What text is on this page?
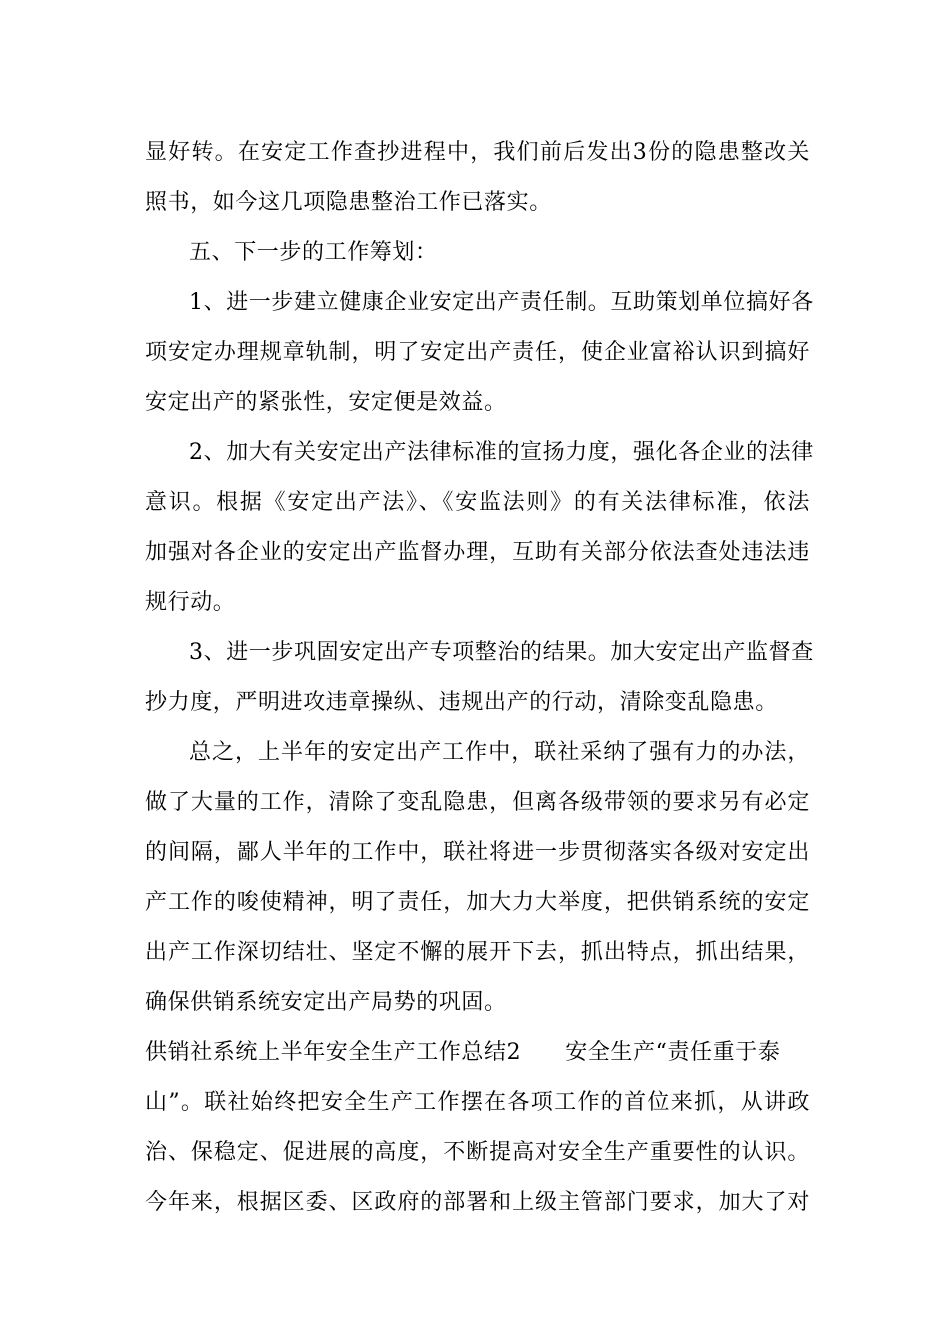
显好转。在安定工作查抄进程中，我们前后发出3份的隐患整改关
照书，如今这几项隐患整治工作已落实。
五、下一步的工作筹划：
1、进一步建立健康企业安定出产责任制。互助策划单位搞好各
项安定办理规章轨制，明了安定出产责任，使企业富裕认识到搞好
安定出产的紧张性，安定便是效益。
2、加大有关安定出产法律标准的宣扬力度，强化各企业的法律
意识。根据《安定出产法》、《安监法则》的有关法律标准，依法
加强对各企业的安定出产监督办理，互助有关部分依法查处违法违
规行动。
3、进一步巩固安定出产专项整治的结果。加大安定出产监督查
抄力度，严明进攻违章操纵、违规出产的行动，清除变乱隐患。
总之，上半年的安定出产工作中，联社采纳了强有力的办法，
做了大量的工作，清除了变乱隐患，但离各级带领的要求另有必定
的间隔，鄙人半年的工作中，联社将进一步贯彻落实各级对安定出
产工作的唆使精神，明了责任，加大力大举度，把供销系统的安定
出产工作深切结壮、坚定不懈的展开下去，抓出特点，抓出结果，
确保供销系统安定出产局势的巩固。
供销社系统上半年安全生产工作总结2 安全生产“责任重于泰
山”。联社始终把安全生产工作摆在各项工作的首位来抓，从讲政
治、保稳定、促进展的高度，不断提高对安全生产重要性的认识。
今年来，根据区委、区政府的部署和上级主管部门要求，加大了对
